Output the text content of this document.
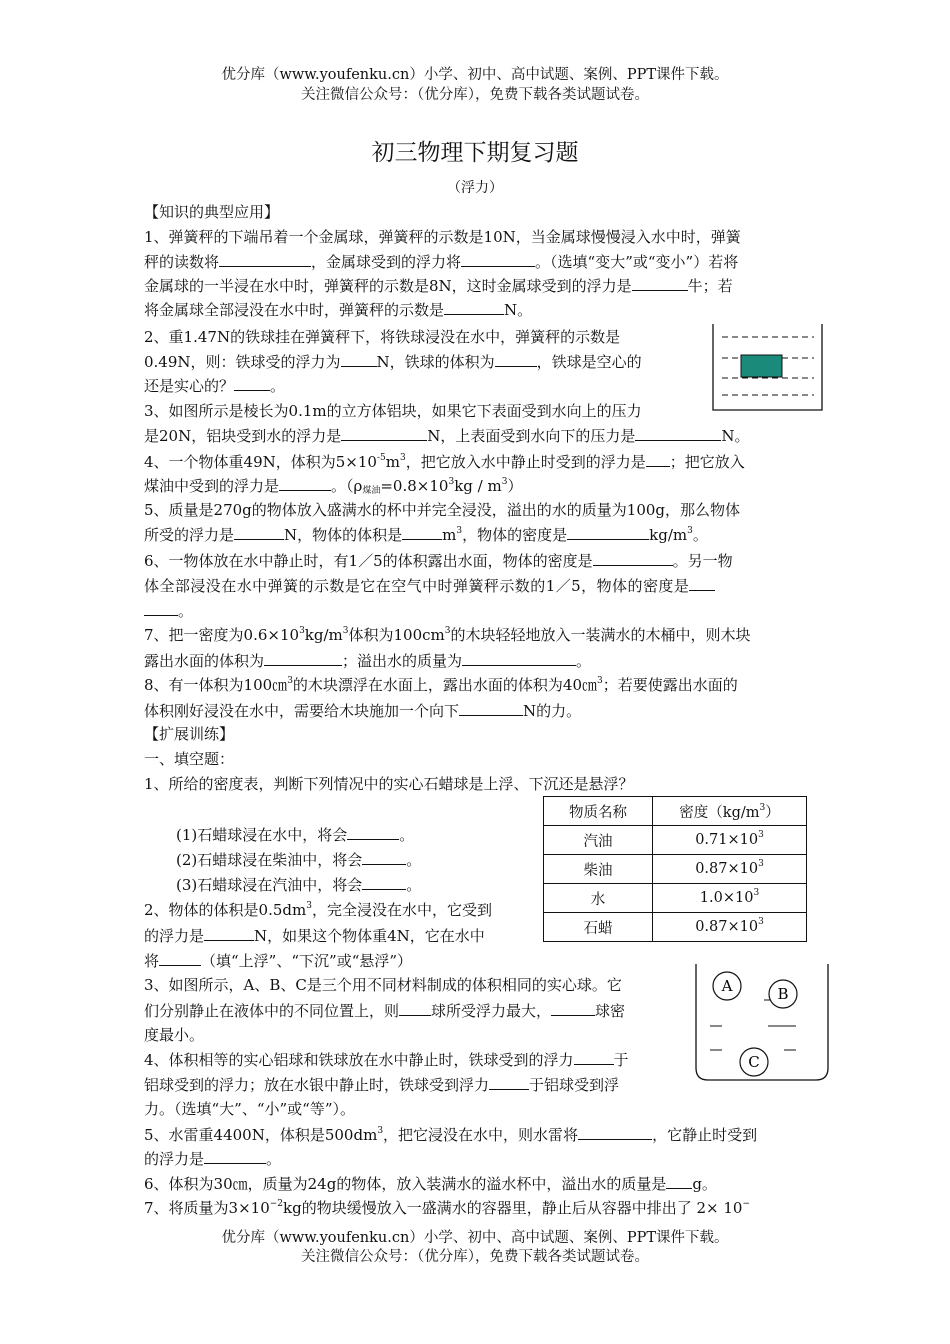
优分库（www.youfenku.cn）小学、初中、高中试题、案例、PPT课件下载。
关注微信公众号：（优分库），免费下载各类试题试卷。
初三物理下期复习题
（浮力）
【知识的典型应用】
1、弹簧秤的下端吊着一个金属球，弹簧秤的示数是10N，当金属球慢慢浸入水中时，弹簧
秤的读数将	，金属球受到的浮力将	。（选填“变大”或“变小”）若将
金属球的一半浸在水中时，弹簧秤的示数是8N，这时金属球受到的浮力是	牛；若
将金属球全部浸没在水中时，弹簧秤的示数是	N。
2、重1.47N的铁球挂在弹簧秤下，将铁球浸没在水中，弹簧秤的示数是
0.49N，则：铁球受的浮力为 N，铁球的体积为	，铁球是空心的
还是实心的？ 。
3、如图所示是棱长为0.1m的立方体铝块，如果它下表面受到水向上的压力
是20N，铝块受到水的浮力是	N，上表面受到水向下的压力是	N。
4、一个物体重49N，体积为$5\times 10^{-5}m^3$，把它放入水中静止时受到的浮力是 ；把它放入
煤油中受到的浮力是	。$(\rho_{煤油}=0.8\times 10^3kg / m^3)$
5、质量是270g的物体放入盛满水的杯中并完全浸没，溢出的水的质量为100g，那么物体
所受的浮力是	N，物体的体积是	$m^3$，物体的密度是	$kg/m^3$。
6、一物体放在水中静止时，有1／5的体积露出水面，物体的密度是	。另一物
体全部浸没在水中弹簧的示数是它在空气中时弹簧秤示数的1／5，物体的密度是
。
7、把一密度为$0.6\times 10^3kg/m^3$体积为$100cm^3$的木块轻轻地放入一装满水的木桶中，则木块
露出水面的体积为	；溢出水的质量为	。
8、有一体积为100㎝$^3$的木块漂浮在水面上，露出水面的体积为40㎝$^3$；若要使露出水面的
体积刚好浸没在水中，需要给木块施加一个向下	N的力。
【扩展训练】
一、填空题：
1、所给的密度表，判断下列情况中的实心石蜡球是上浮、下沉还是悬浮？
(1)石蜡球浸在水中，将会	。
(2)石蜡球浸在柴油中，将会	。
(3)石蜡球浸在汽油中，将会	。
物质名称	密度$(kg/m^3)$
汽油	$0.71\times 10^3$
柴油	$0.87\times 10^3$
水	$1.0\times 10^3$
石蜡	$0.87\times 10^3$
2、物体的体积是$0.5dm^3$，完全浸没在水中，它受到
的浮力是	N，如果这个物体重4N，它在水中
将	（填“上浮”、“下沉”或“悬浮”）
3、如图所示，A、B、C是三个用不同材料制成的体积相同的实心球。它
们分别静止在液体中的不同位置上，则 球所受浮力最大，	球密
度最小。
A	B
C
4、体积相等的实心铝球和铁球放在水中静止时，铁球受到的浮力	于
铝球受到的浮力；放在水银中静止时，铁球受到浮力	于铝球受到浮
力。（选填“大”、“小”或“等”）。
5、水雷重4400N，体积是$500dm^3$，把它浸没在水中，则水雷将	，它静止时受到
的浮力是	。
6、体积为30㎝，质量为24g的物体，放入装满水的溢水杯中，溢出水的质量是 g。
7、将质量为$3\times 10^{-2}kg$的物块缓慢放入一盛满水的容器里，静止后从容器中排出了 2× 10−
优分库（www.youfenku.cn）小学、初中、高中试题、案例、PPT课件下载。
关注微信公众号：（优分库），免费下载各类试题试卷。
